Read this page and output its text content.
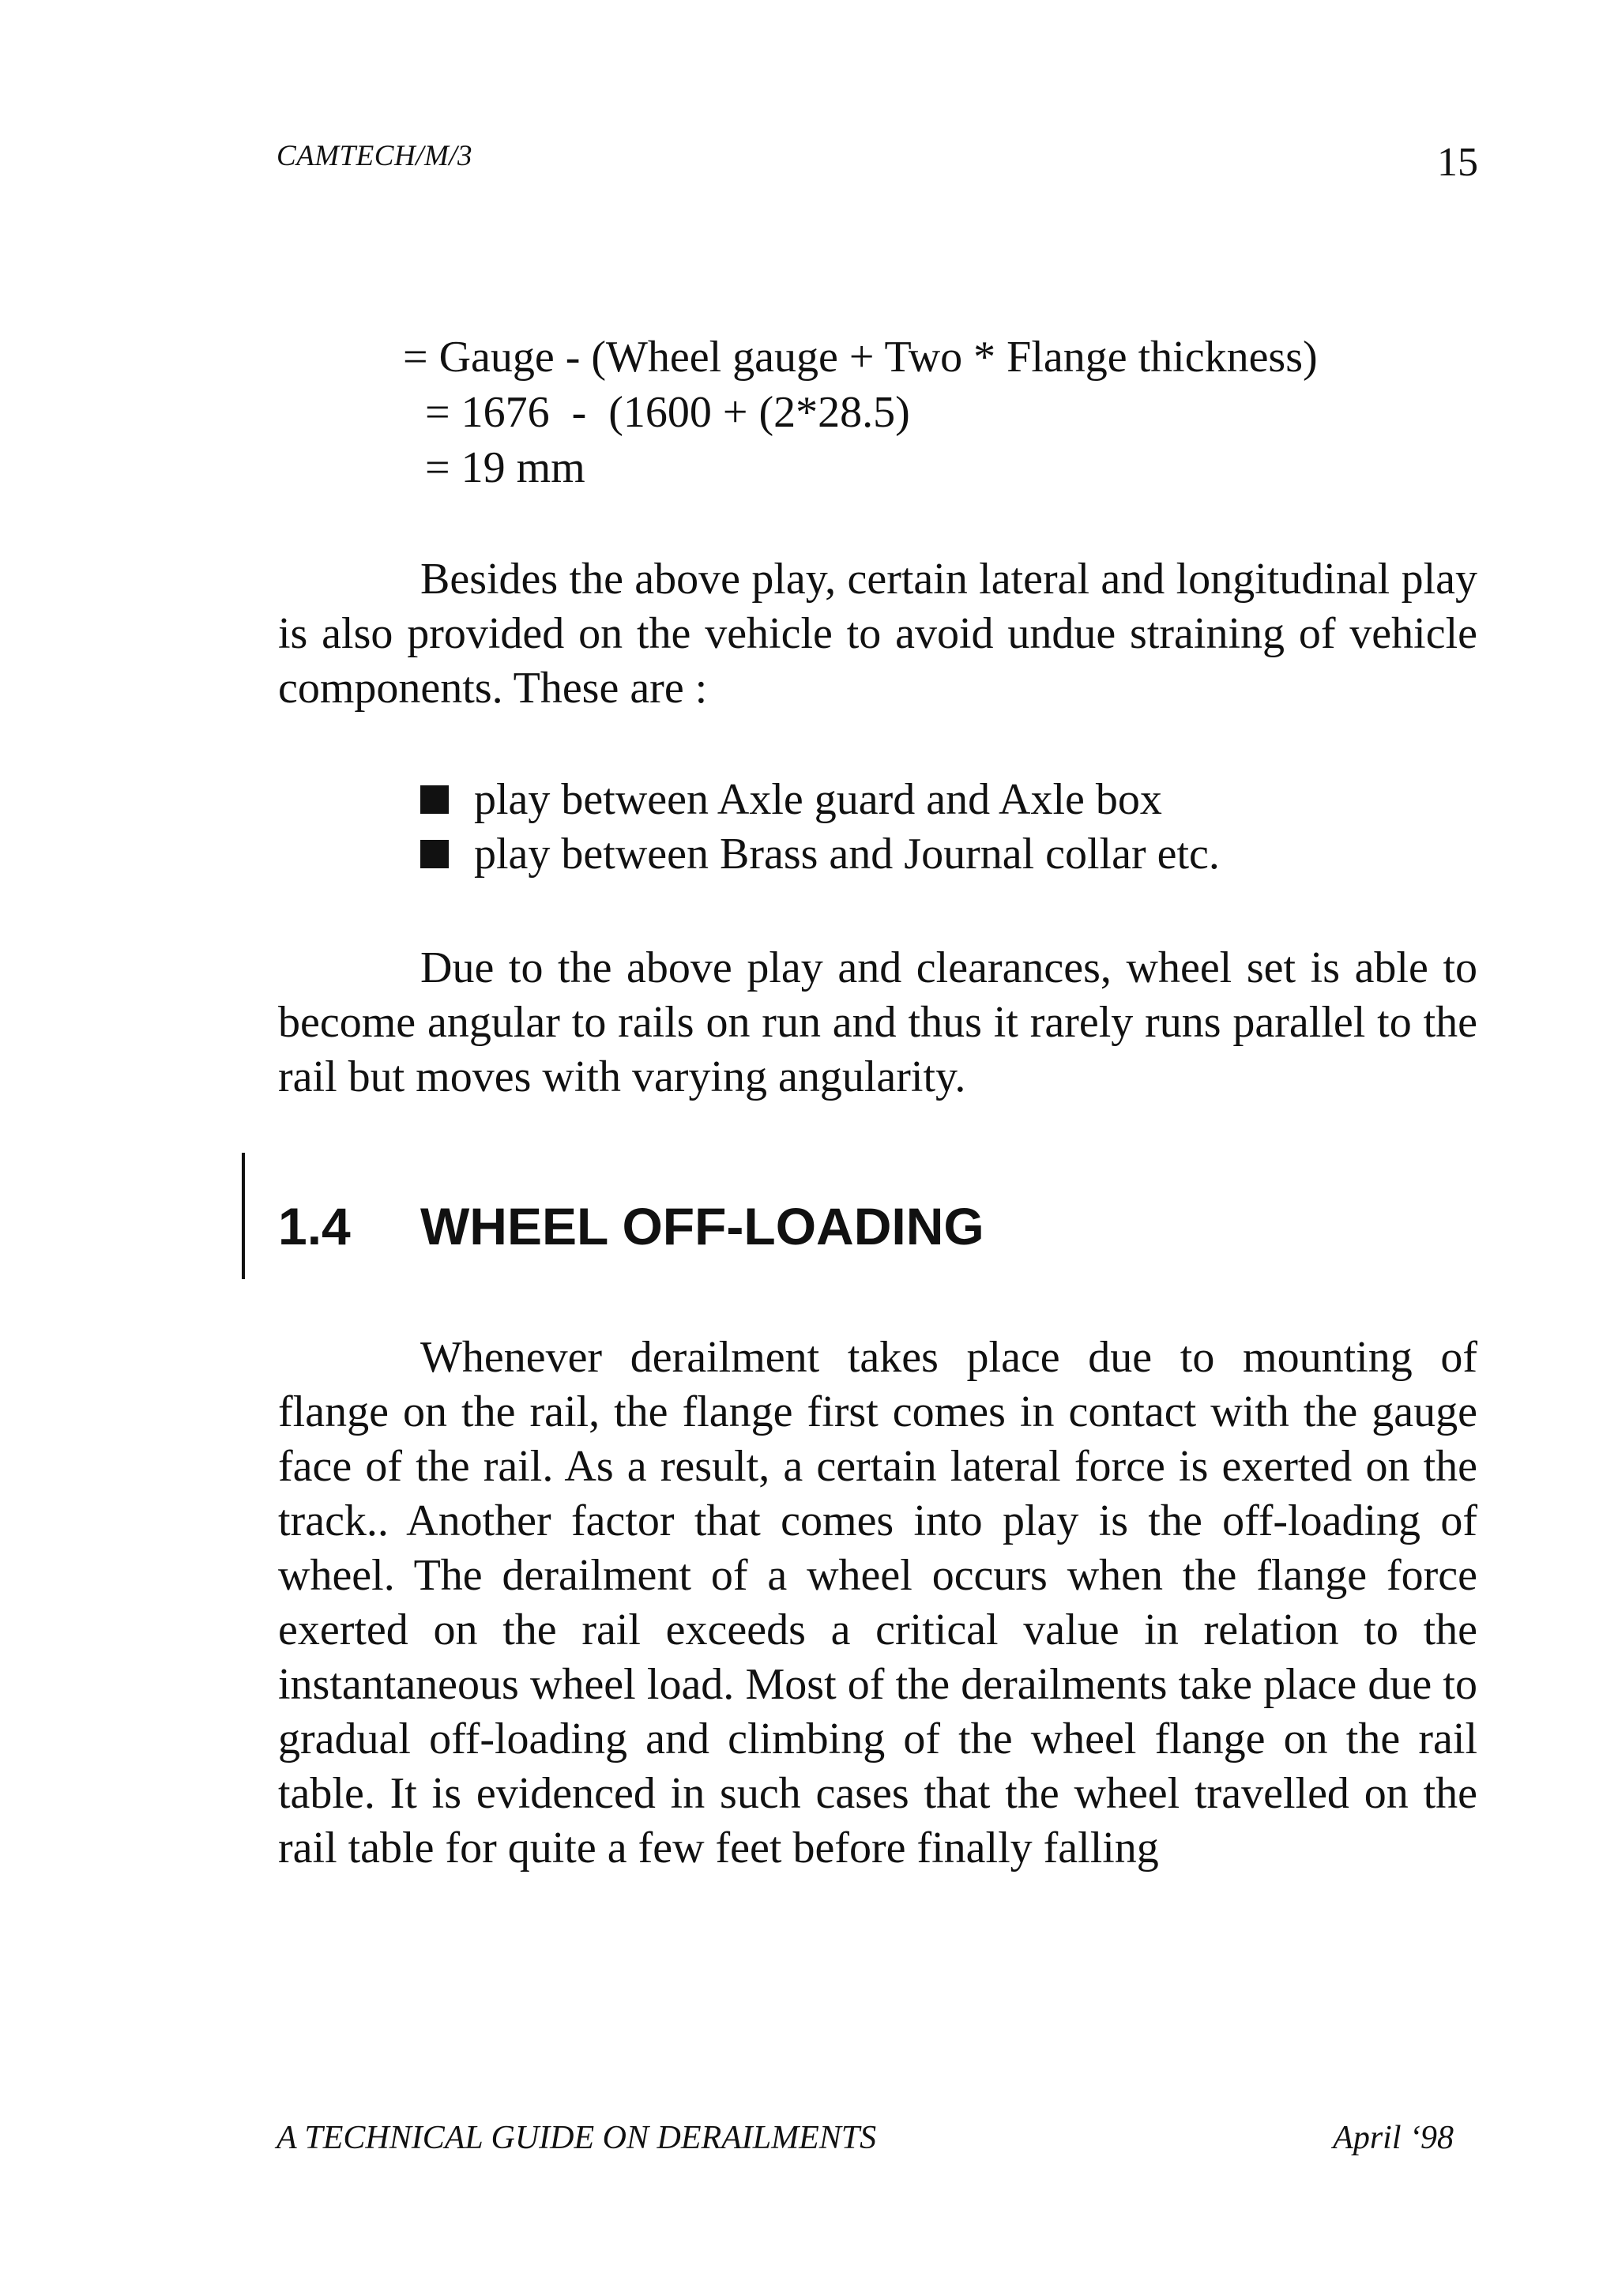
CAMTECH/M/3	15
= Gauge - (Wheel gauge + Two * Flange thickness)
= 1676  -  (1600 + (2*28.5)
= 19 mm

Besides the above play, certain lateral and longitudinal play is also provided on the vehicle to avoid undue straining of vehicle components. These are :

play between Axle guard and Axle box
play between Brass and Journal collar etc.

Due to the above play and clearances, wheel set is able to become angular to rails on run and thus it rarely runs parallel to the rail but moves with varying angularity.

1.4 WHEEL OFF-LOADING

Whenever derailment takes place due to mounting of flange on the rail, the flange first comes in contact with the gauge face of the rail. As a result, a certain lateral force is exerted on the track.. Another factor that comes into play is the off-loading of wheel. The derailment of a wheel occurs when the flange force exerted on the rail exceeds a critical value in relation to the instantaneous wheel load. Most of the derailments take place due to gradual off-loading and climbing of the wheel flange on the rail table. It is evidenced in such cases that the wheel travelled on the rail table for quite a few feet before finally falling

A TECHNICAL GUIDE ON DERAILMENTS	April ‘98
